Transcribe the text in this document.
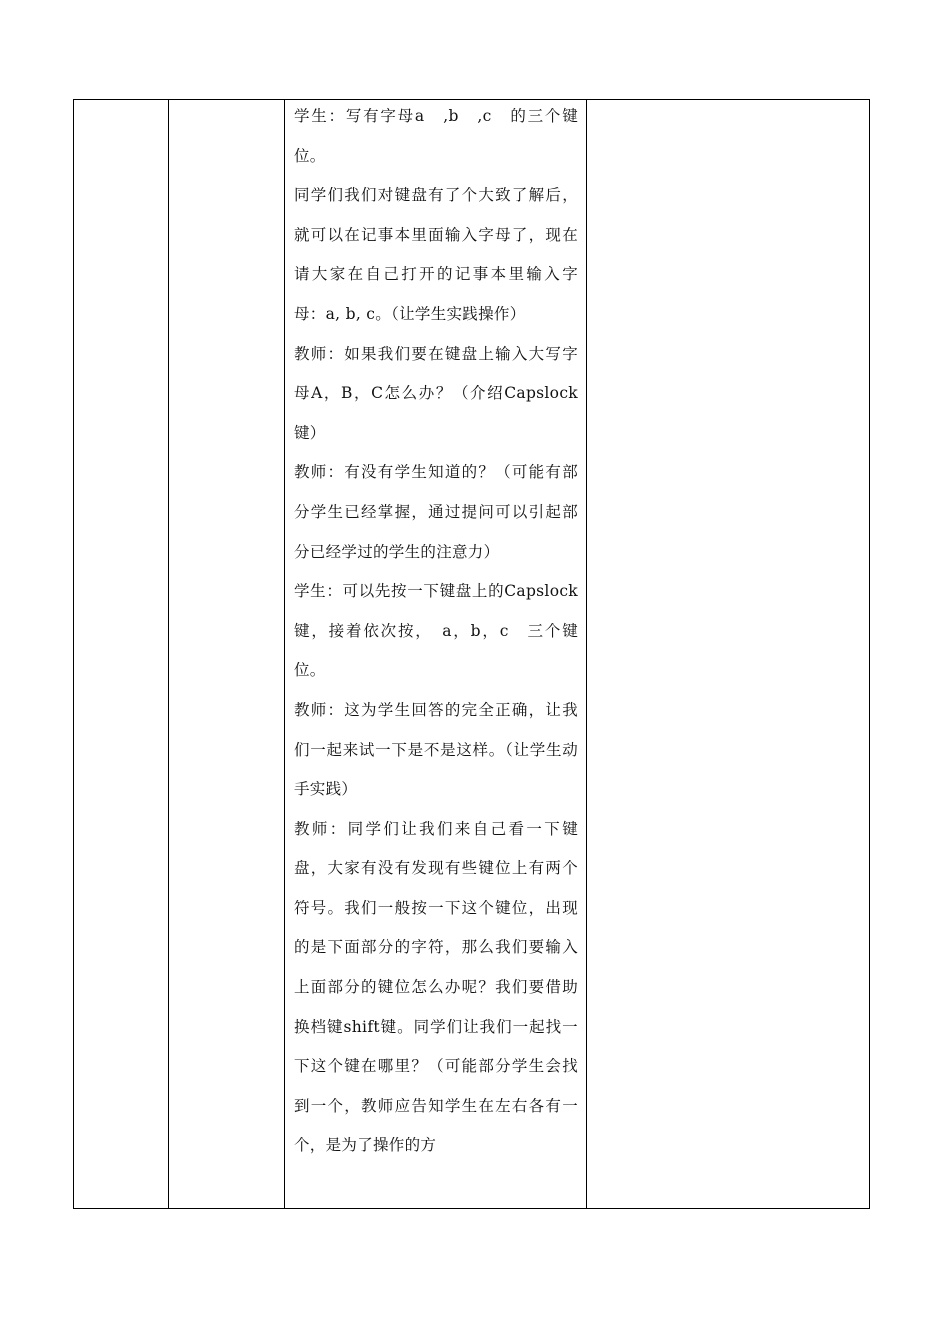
学生：写有字母a　,b　,c　的三个键位。

同学们我们对键盘有了个大致了解后，就可以在记事本里面输入字母了，现在请大家在自己打开的记事本里输入字母：a, b, c。（让学生实践操作）

教师：如果我们要在键盘上输入大写字母A，B，C怎么办？（介绍Capslock键）

教师：有没有学生知道的？（可能有部分学生已经掌握，通过提问可以引起部分已经学过的学生的注意力）

学生：可以先按一下键盘上的Capslock键，接着依次按，　a，b，c　三个键位。

教师：这为学生回答的完全正确，让我们一起来试一下是不是这样。（让学生动手实践）

教师：同学们让我们来自己看一下键盘，大家有没有发现有些键位上有两个符号。我们一般按一下这个键位，出现的是下面部分的字符，那么我们要输入上面部分的键位怎么办呢？我们要借助换档键shift键。同学们让我们一起找一下这个键在哪里？（可能部分学生会找到一个，教师应告知学生在左右各有一个，是为了操作的方
